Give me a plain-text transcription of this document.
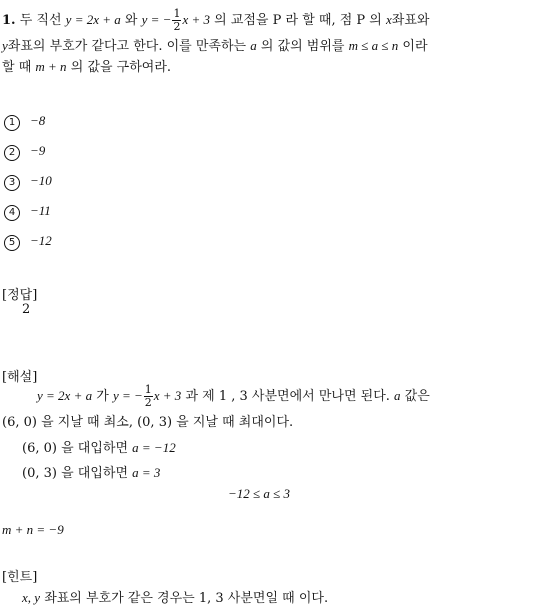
1. 두 직선 y = 2x + a 와 y = − $\frac{1}{2}$ x + 3 의 교점을 P 라 할 때, 점 P 의 x좌표와
y좌표의 부호가 같다고 한다. 이를 만족하는 a 의 값의 범위를 m ≤ a ≤ n 이라
할 때 m + n 의 값을 구하여라.
1 −8
2 −9
3 −10
4 −11
5 −12
[정답]
2
[해설]
y = 2x + a 가 y = − $\frac{1}{2}$ x + 3 과 제 1 , 3 사분면에서 만나면 된다. a 값은
(6, 0) 을 지날 때 최소, (0, 3) 을 지날 때 최대이다.
(6, 0) 을 대입하면 a = −12
(0, 3) 을 대입하면 a = 3
−12 ≤ a ≤ 3
m + n = −9
[힌트]
x, y 좌표의 부호가 같은 경우는 1, 3 사분면일 때 이다.
